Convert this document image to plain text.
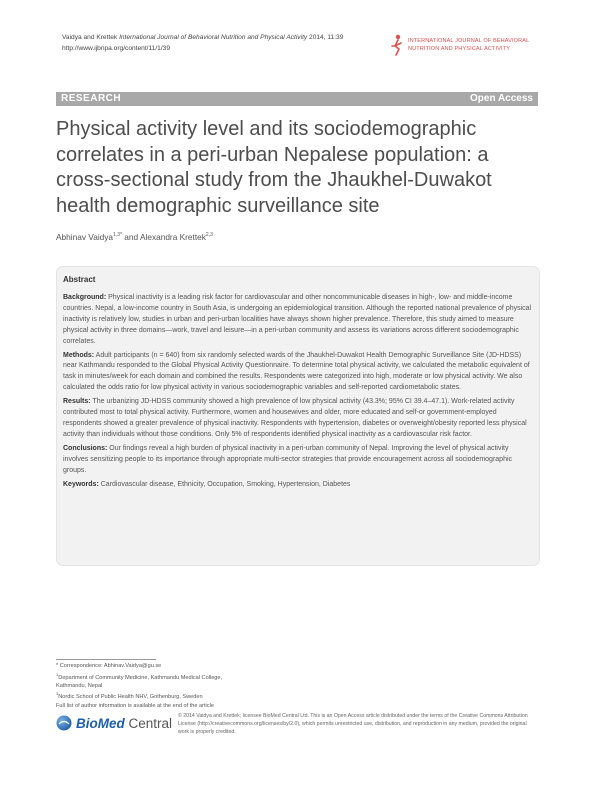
Vaidya and Krettek International Journal of Behavioral Nutrition and Physical Activity 2014, 11:39
http://www.ijbnpa.org/content/11/1/39
INTERNATIONAL JOURNAL OF BEHAVIORAL
NUTRITION AND PHYSICAL ACTIVITY
RESEARCH	Open Access
Physical activity level and its sociodemographic correlates in a peri-urban Nepalese population: a cross-sectional study from the Jhaukhel-Duwakot health demographic surveillance site
Abhinav Vaidya$^{1,3*}$ and Alexandra Krettek$^{2,3}$
Abstract

Background: Physical inactivity is a leading risk factor for cardiovascular and other noncommunicable diseases in high-, low- and middle-income countries. Nepal, a low-income country in South Asia, is undergoing an epidemiological transition. Although the reported national prevalence of physical inactivity is relatively low, studies in urban and peri-urban localities have always shown higher prevalence. Therefore, this study aimed to measure physical activity in three domains—work, travel and leisure—in a peri-urban community and assess its variations across different sociodemographic correlates.

Methods: Adult participants (n = 640) from six randomly selected wards of the Jhaukhel-Duwakot Health Demographic Surveillance Site (JD-HDSS) near Kathmandu responded to the Global Physical Activity Questionnaire. To determine total physical activity, we calculated the metabolic equivalent of task in minutes/week for each domain and combined the results. Respondents were categorized into high, moderate or low physical activity. We also calculated the odds ratio for low physical activity in various sociodemographic variables and self-reported cardiometabolic states.

Results: The urbanizing JD-HDSS community showed a high prevalence of low physical activity (43.3%; 95% CI 39.4–47.1). Work-related activity contributed most to total physical activity. Furthermore, women and housewives and older, more educated and self-or government-employed respondents showed a greater prevalence of physical inactivity. Respondents with hypertension, diabetes or overweight/obesity reported less physical activity than individuals without those conditions. Only 5% of respondents identified physical inactivity as a cardiovascular risk factor.

Conclusions: Our findings reveal a high burden of physical inactivity in a peri-urban community of Nepal. Improving the level of physical activity involves sensitizing people to its importance through appropriate multi-sector strategies that provide encouragement across all sociodemographic groups.

Keywords: Cardiovascular disease, Ethnicity, Occupation, Smoking, Hypertension, Diabetes

* Correspondence: Abhinav.Vaidya@gu.se
$^1$Department of Community Medicine, Kathmandu Medical College,
Kathmandu, Nepal
$^3$Nordic School of Public Health NHV, Gothenburg, Sweden
Full list of author information is available at the end of the article
BioMed Central © 2014 Vaidya and Krettek; licensee BioMed Central Ltd. This is an Open Access article distributed under the terms of the Creative Commons Attribution License (http://creativecommons.org/licenses/by/2.0), which permits unrestricted use, distribution, and reproduction in any medium, provided the original work is properly credited.
